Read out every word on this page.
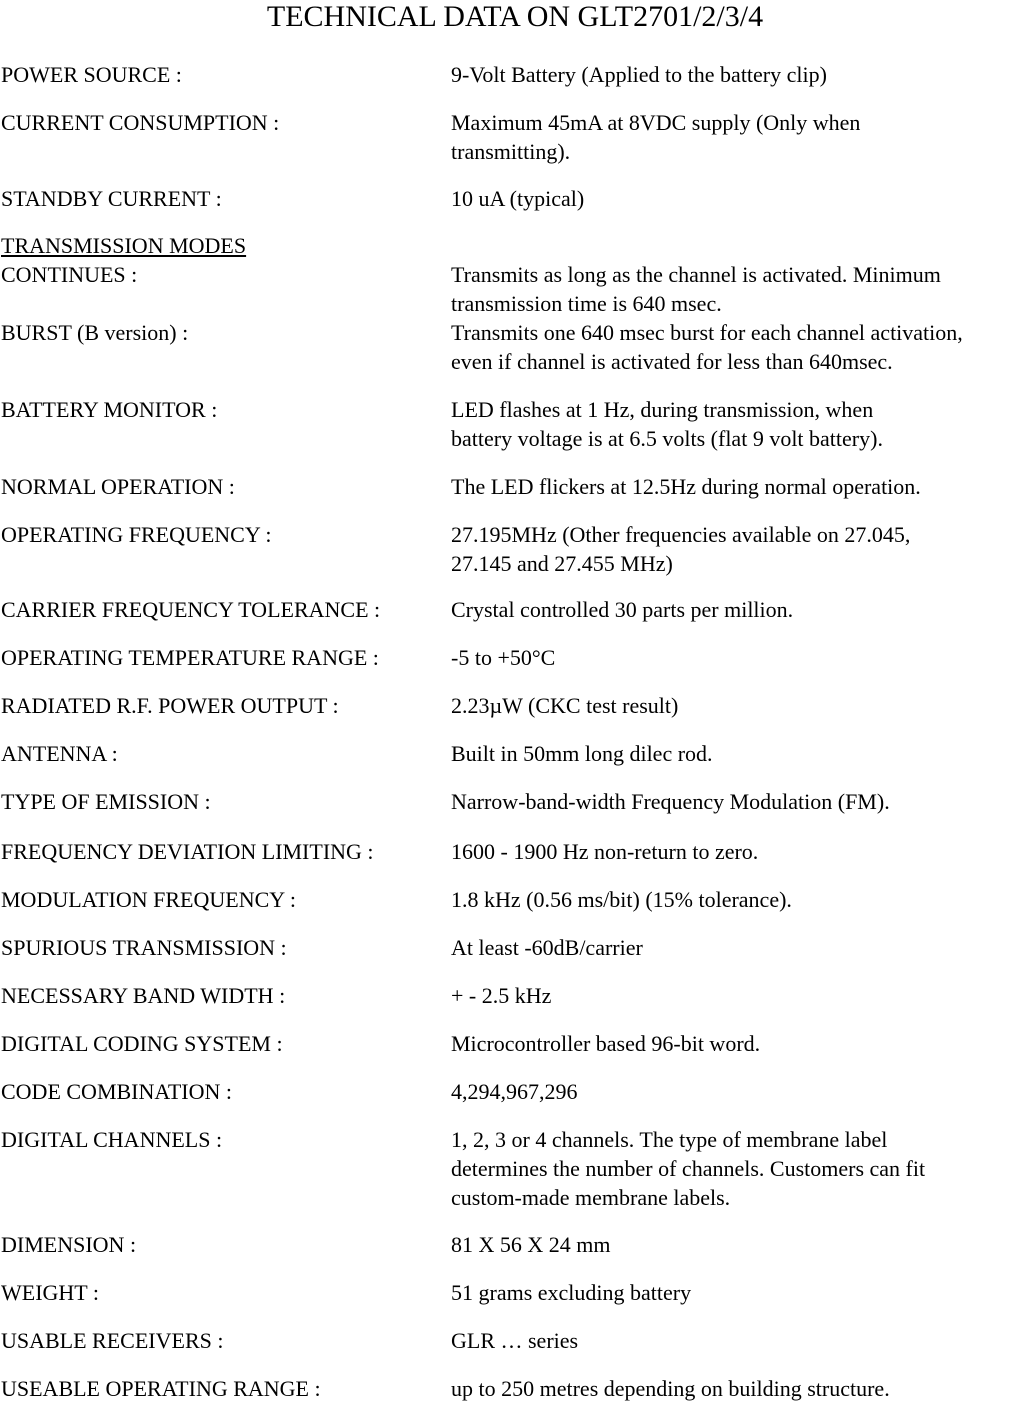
TECHNICAL DATA ON GLT2701/2/3/4
TRANSMISSION MODES
POWER SOURCE :	9-Volt Battery (Applied to the battery clip)
CURRENT CONSUMPTION :	Maximum 45mA at 8VDC supply (Only when
transmitting).
STANDBY CURRENT :	10 uA (typical)
CONTINUES :	Transmits as long as the channel is activated. Minimum
transmission time is 640 msec.
BURST (B version) :	Transmits one 640 msec burst for each channel activation,
even if channel is activated for less than 640msec.
BATTERY MONITOR :	LED flashes at 1 Hz, during transmission, when
battery voltage is at 6.5 volts (flat 9 volt battery).
NORMAL OPERATION :	The LED flickers at 12.5Hz during normal operation.
OPERATING FREQUENCY :	27.195MHz (Other frequencies available on 27.045,
27.145 and 27.455 MHz)
CARRIER FREQUENCY TOLERANCE :	Crystal controlled 30 parts per million.
OPERATING TEMPERATURE RANGE :	-5 to +50°C
RADIATED R.F. POWER OUTPUT :	2.23µW (CKC test result)
ANTENNA :	Built in 50mm long dilec rod.
TYPE OF EMISSION :	Narrow-band-width Frequency Modulation (FM).
FREQUENCY DEVIATION LIMITING :	1600 - 1900 Hz non-return to zero.
MODULATION FREQUENCY :	1.8 kHz (0.56 ms/bit) (15% tolerance).
SPURIOUS TRANSMISSION :	At least -60dB/carrier
NECESSARY BAND WIDTH :	+ - 2.5 kHz
DIGITAL CODING SYSTEM :	Microcontroller based 96-bit word.
CODE COMBINATION :	4,294,967,296
DIGITAL CHANNELS :	1, 2, 3 or 4 channels. The type of membrane label
determines the number of channels. Customers can fit
custom-made membrane labels.
DIMENSION :	81 X 56 X 24 mm
WEIGHT :	51 grams excluding battery
USABLE RECEIVERS :	GLR … series
USEABLE OPERATING RANGE :	up to 250 metres depending on building structure.
